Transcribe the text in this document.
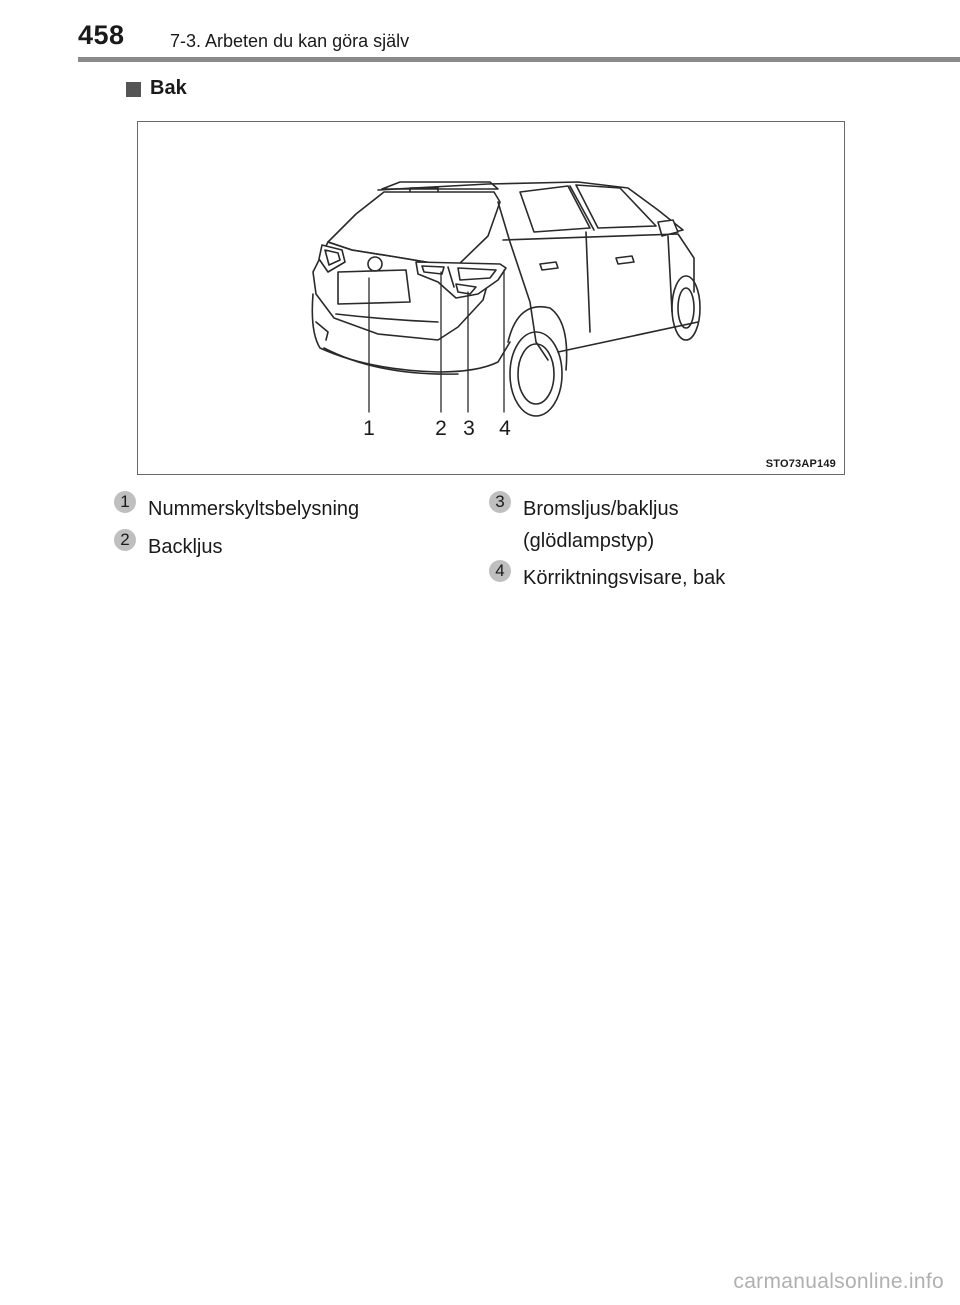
458	7-3. Arbeten du kan göra själv
Bak
1	2 3 4
STO73AP149
1 Nummerskyltsbelysning
2 Backljus
3 Bromsljus/bakljus
(glödlampstyp)
4 Körriktningsvisare, bak
carmanualsonline.info
